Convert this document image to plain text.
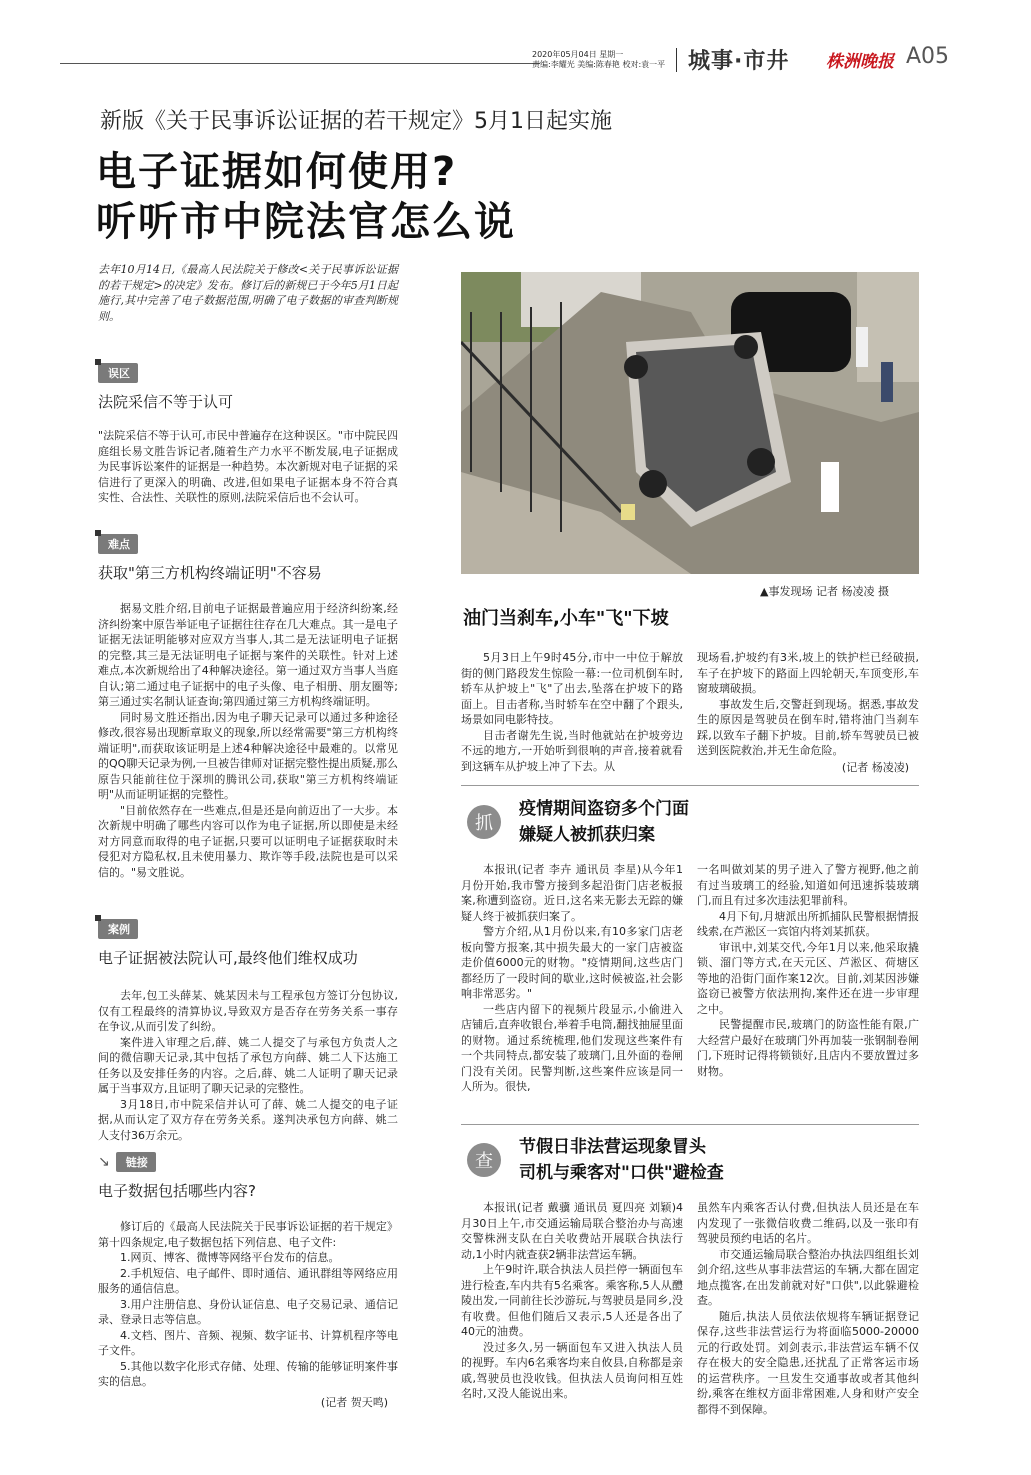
2020年05月04日 星期一
责编:李耀光 美编:陈春艳 校对:袁一平 城事·市井 株洲晚报 A05
新版《关于民事诉讼证据的若干规定》5月1日起实施
电子证据如何使用?
听听市中院法官怎么说

去年10月14日,《最高人民法院关于修改<关于民事诉讼证据的若干规定>的决定》发布。修订后的新规已于今年5月1日起施行,其中完善了电子数据范围,明确了电子数据的审查判断规则。

误区
法院采信不等于认可

"法院采信不等于认可,市民中普遍存在这种误区。"市中院民四庭组长易文胜告诉记者,随着生产力水平不断发展,电子证据成为民事诉讼案件的证据是一种趋势。本次新规对电子证据的采信进行了更深入的明确、改进,但如果电子证据本身不符合真实性、合法性、关联性的原则,法院采信后也不会认可。

难点
获取"第三方机构终端证明"不容易

据易文胜介绍,目前电子证据最普遍应用于经济纠纷案,经济纠纷案中原告举证电子证据往往存在几大难点。其一是电子证据无法证明能够对应双方当事人,其二是无法证明电子证据的完整,其三是无法证明电子证据与案件的关联性。针对上述难点,本次新规给出了4种解决途径。第一通过双方当事人当庭自认;第二通过电子证据中的电子头像、电子相册、朋友圈等;第三通过实名制认证查询;第四通过第三方机构终端证明。

同时易文胜还指出,因为电子聊天记录可以通过多种途径修改,很容易出现断章取义的现象,所以经常需要"第三方机构终端证明",而获取该证明是上述4种解决途径中最难的。以常见的QQ聊天记录为例,一旦被告律师对证据完整性提出质疑,那么原告只能前往位于深圳的腾讯公司,获取"第三方机构终端证明"从而证明证据的完整性。

"目前依然存在一些难点,但是还是向前迈出了一大步。本次新规中明确了哪些内容可以作为电子证据,所以即使是未经对方同意而取得的电子证据,只要可以证明电子证据获取时未侵犯对方隐私权,且未使用暴力、欺诈等手段,法院也是可以采信的。"易文胜说。

案例
电子证据被法院认可,最终他们维权成功

去年,包工头薛某、姚某因未与工程承包方签订分包协议,仅有工程最终的清算协议,导致双方是否存在劳务关系一事存在争议,从而引发了纠纷。

案件进入审理之后,薛、姚二人提交了与承包方负责人之间的微信聊天记录,其中包括了承包方向薛、姚二人下达施工任务以及安排任务的内容。之后,薛、姚二人证明了聊天记录属于当事双方,且证明了聊天记录的完整性。

3月18日,市中院采信并认可了薛、姚二人提交的电子证据,从而认定了双方存在劳务关系。遂判决承包方向薛、姚二人支付36万余元。

↘	链接
电子数据包括哪些内容?

修订后的《最高人民法院关于民事诉讼证据的若干规定》第十四条规定,电子数据包括下列信息、电子文件:

1.网页、博客、微博等网络平台发布的信息。

2.手机短信、电子邮件、即时通信、通讯群组等网络应用服务的通信信息。

3.用户注册信息、身份认证信息、电子交易记录、通信记录、登录日志等信息。

4.文档、图片、音频、视频、数字证书、计算机程序等电子文件。

5.其他以数字化形式存储、处理、传输的能够证明案件事实的信息。

(记者 贺天鸣)
▲事发现场 记者 杨凌凌 摄
油门当刹车,小车"飞"下坡

5月3日上午9时45分,市中一中位于解放街的侧门路段发生惊险一幕:一位司机倒车时,轿车从护坡上"飞"了出去,坠落在护坡下的路面上。目击者称,当时轿车在空中翻了个跟头,场景如同电影特技。

目击者谢先生说,当时他就站在护坡旁边不远的地方,一开始听到很响的声音,接着就看到这辆车从护坡上冲了下去。从

现场看,护坡约有3米,坡上的铁护栏已经破损,车子在护坡下的路面上四轮朝天,车顶变形,车窗玻璃破损。

事故发生后,交警赶到现场。据悉,事故发生的原因是驾驶员在倒车时,错将油门当刹车踩,以致车子翻下护坡。目前,轿车驾驶员已被送到医院救治,并无生命危险。

(记者 杨凌凌)
抓
疫情期间盗窃多个门面
嫌疑人被抓获归案

本报讯(记者 李卉 通讯员 李星)从今年1月份开始,我市警方接到多起沿街门店老板报案,称遭到盗窃。近日,这名来无影去无踪的嫌疑人终于被抓获归案了。

警方介绍,从1月份以来,有10多家门店老板向警方报案,其中损失最大的一家门店被盗走价值6000元的财物。"疫情期间,这些店门都经历了一段时间的歇业,这时候被盗,社会影响非常恶劣。"

一些店内留下的视频片段显示,小偷进入店铺后,直奔收银台,举着手电筒,翻找抽屉里面的财物。通过系统梳理,他们发现这些案件有一个共同特点,都安装了玻璃门,且外面的卷闸门没有关闭。民警判断,这些案件应该是同一人所为。很快,

一名叫做刘某的男子进入了警方视野,他之前有过当玻璃工的经验,知道如何迅速拆装玻璃门,而且有过多次违法犯罪前科。

4月下旬,月塘派出所抓捕队民警根据情报线索,在芦淞区一宾馆内将刘某抓获。

审讯中,刘某交代,今年1月以来,他采取撬锁、溜门等方式,在天元区、芦淞区、荷塘区等地的沿街门面作案12次。目前,刘某因涉嫌盗窃已被警方依法刑拘,案件还在进一步审理之中。

民警提醒市民,玻璃门的防盗性能有限,广大经营户最好在玻璃门外再加装一张钢制卷闸门,下班时记得将锁锁好,且店内不要放置过多财物。

查
节假日非法营运现象冒头
司机与乘客对"口供"避检查

本报讯(记者 戴骥 通讯员 夏四亮 刘颖)4月30日上午,市交通运输局联合整治办与高速交警株洲支队在白关收费站开展联合执法行动,1小时内就查获2辆非法营运车辆。

上午9时许,联合执法人员拦停一辆面包车进行检查,车内共有5名乘客。乘客称,5人从醴陵出发,一同前往长沙游玩,与驾驶员是同乡,没有收费。但他们随后又表示,5人还是各出了40元的油费。

没过多久,另一辆面包车又进入执法人员的视野。车内6名乘客均来自攸县,自称都是亲戚,驾驶员也没收钱。但执法人员询问相互姓名时,又没人能说出来。

虽然车内乘客否认付费,但执法人员还是在车内发现了一张微信收费二维码,以及一张印有驾驶员预约电话的名片。

市交通运输局联合整治办执法四组组长刘剑介绍,这些从事非法营运的车辆,大都在固定地点揽客,在出发前就对好"口供",以此躲避检查。

随后,执法人员依法依规将车辆证据登记保存,这些非法营运行为将面临5000-20000元的行政处罚。刘剑表示,非法营运车辆不仅存在极大的安全隐患,还扰乱了正常客运市场的运营秩序。一旦发生交通事故或者其他纠纷,乘客在维权方面非常困难,人身和财产安全都得不到保障。
